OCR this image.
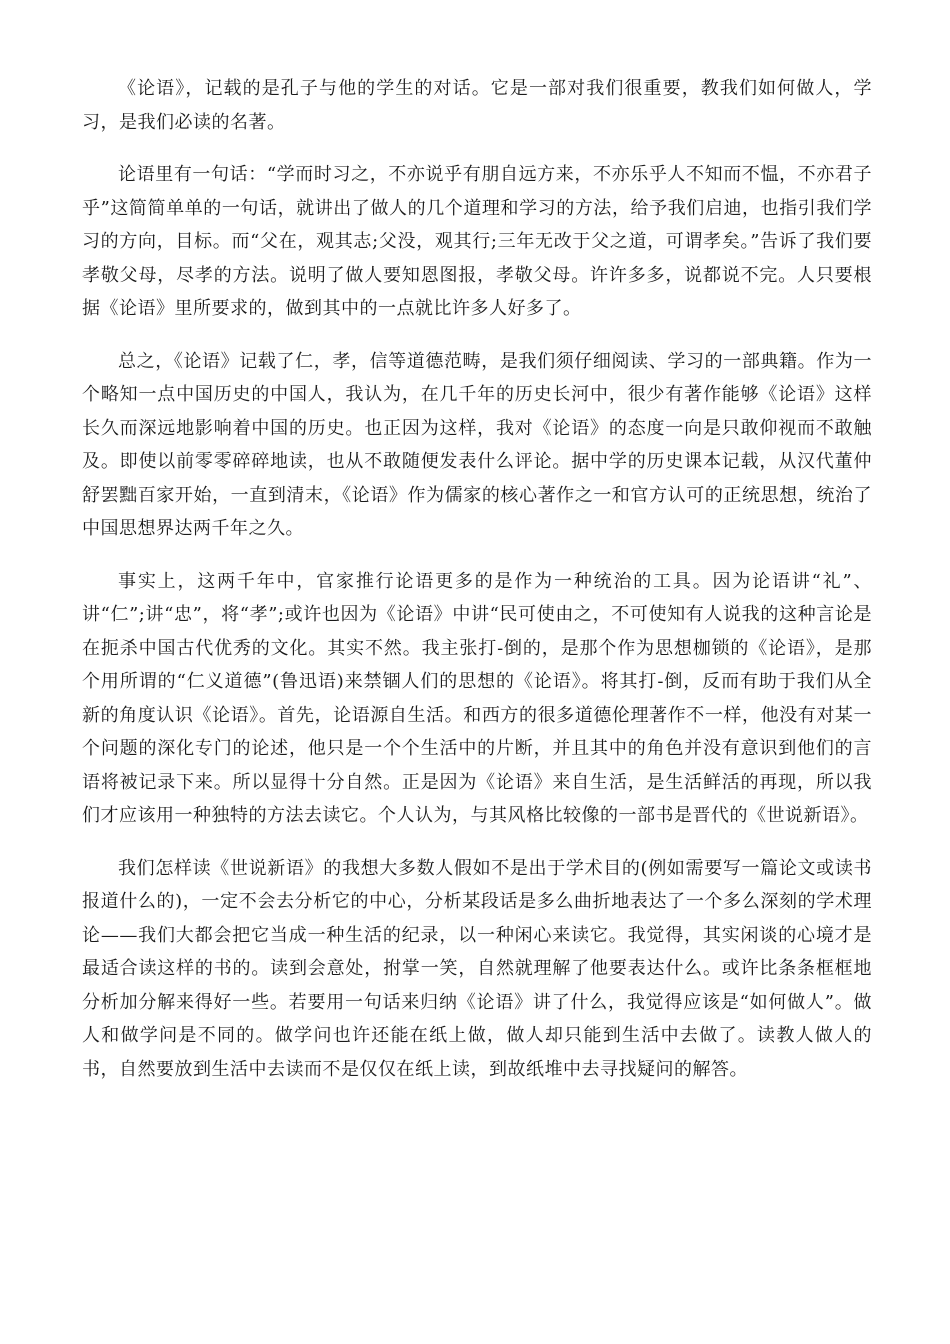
《论语》，记载的是孔子与他的学生的对话。它是一部对我们很重要，教我们如何做人，学习，是我们必读的名著。

论语里有一句话：“学而时习之，不亦说乎有朋自远方来，不亦乐乎人不知而不愠，不亦君子乎”这简简单单的一句话，就讲出了做人的几个道理和学习的方法，给予我们启迪，也指引我们学习的方向，目标。而“父在，观其志;父没，观其行;三年无改于父之道，可谓孝矣。”告诉了我们要孝敬父母，尽孝的方法。说明了做人要知恩图报，孝敬父母。许许多多，说都说不完。人只要根据《论语》里所要求的，做到其中的一点就比许多人好多了。

总之，《论语》记载了仁，孝，信等道德范畴，是我们须仔细阅读、学习的一部典籍。作为一个略知一点中国历史的中国人，我认为，在几千年的历史长河中，很少有著作能够《论语》这样长久而深远地影响着中国的历史。也正因为这样，我对《论语》的态度一向是只敢仰视而不敢触及。即使以前零零碎碎地读，也从不敢随便发表什么评论。据中学的历史课本记载，从汉代董仲舒罢黜百家开始，一直到清末，《论语》作为儒家的核心著作之一和官方认可的正统思想，统治了中国思想界达两千年之久。

事实上，这两千年中，官家推行论语更多的是作为一种统治的工具。因为论语讲“礼”、讲“仁”;讲“忠”，将“孝”;或许也因为《论语》中讲“民可使由之，不可使知有人说我的这种言论是在扼杀中国古代优秀的文化。其实不然。我主张打-倒的，是那个作为思想枷锁的《论语》，是那个用所谓的“仁义道德”(鲁迅语)来禁锢人们的思想的《论语》。将其打-倒，反而有助于我们从全新的角度认识《论语》。首先，论语源自生活。和西方的很多道德伦理著作不一样，他没有对某一个问题的深化专门的论述，他只是一个个生活中的片断，并且其中的角色并没有意识到他们的言语将被记录下来。所以显得十分自然。正是因为《论语》来自生活，是生活鲜活的再现，所以我们才应该用一种独特的方法去读它。个人认为，与其风格比较像的一部书是晋代的《世说新语》。

我们怎样读《世说新语》的我想大多数人假如不是出于学术目的(例如需要写一篇论文或读书报道什么的)，一定不会去分析它的中心，分析某段话是多么曲折地表达了一个多么深刻的学术理论——我们大都会把它当成一种生活的纪录，以一种闲心来读它。我觉得，其实闲谈的心境才是最适合读这样的书的。读到会意处，拊掌一笑，自然就理解了他要表达什么。或许比条条框框地分析加分解来得好一些。若要用一句话来归纳《论语》讲了什么，我觉得应该是“如何做人”。做人和做学问是不同的。做学问也许还能在纸上做，做人却只能到生活中去做了。读教人做人的书，自然要放到生活中去读而不是仅仅在纸上读，到故纸堆中去寻找疑问的解答。
